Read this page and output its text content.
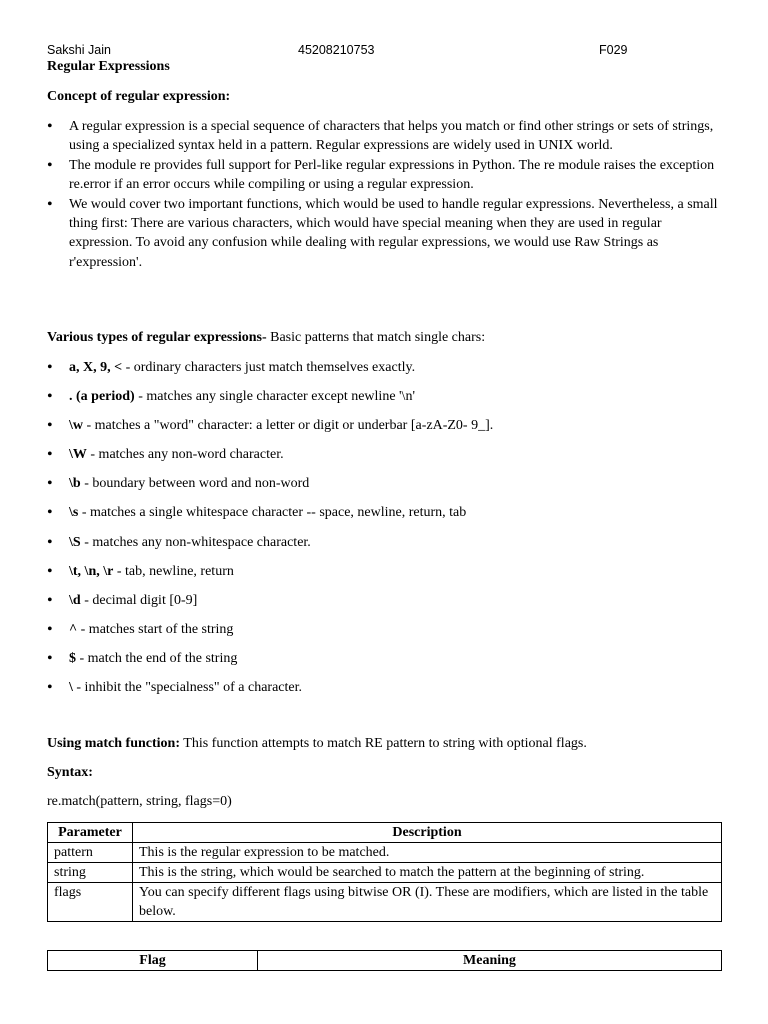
Sakshi Jain	45208210753	F029
Regular Expressions
Concept of regular expression:
• A regular expression is a special sequence of characters that helps you match or find other strings or sets of strings, using a specialized syntax held in a pattern. Regular expressions are widely used in UNIX world.
• The module re provides full support for Perl-like regular expressions in Python. The re module raises the exception re.error if an error occurs while compiling or using a regular expression.
• We would cover two important functions, which would be used to handle regular expressions. Nevertheless, a small thing first: There are various characters, which would have special meaning when they are used in regular expression. To avoid any confusion while dealing with regular expressions, we would use Raw Strings as r'expression'.
Various types of regular expressions- Basic patterns that match single chars:
• a, X, 9, < - ordinary characters just match themselves exactly.
• . (a period) - matches any single character except newline '\n'
• \w - matches a "word" character: a letter or digit or underbar [a-zA-Z0- 9_].
• \W - matches any non-word character.
• \b - boundary between word and non-word
• \s - matches a single whitespace character -- space, newline, return, tab
• \S - matches any non-whitespace character.
• \t, \n, \r - tab, newline, return
• \d - decimal digit [0-9]
• ^ - matches start of the string
• $ - match the end of the string
• \ - inhibit the "specialness" of a character.
Using match function: This function attempts to match RE pattern to string with optional flags.
Syntax:
re.match(pattern, string, flags=0)
Parameter	Description
pattern	This is the regular expression to be matched.
string	This is the string, which would be searched to match the pattern at the beginning of string.
flags	You can specify different flags using bitwise OR (I). These are modifiers, which are listed in the table below.
Flag	Meaning
